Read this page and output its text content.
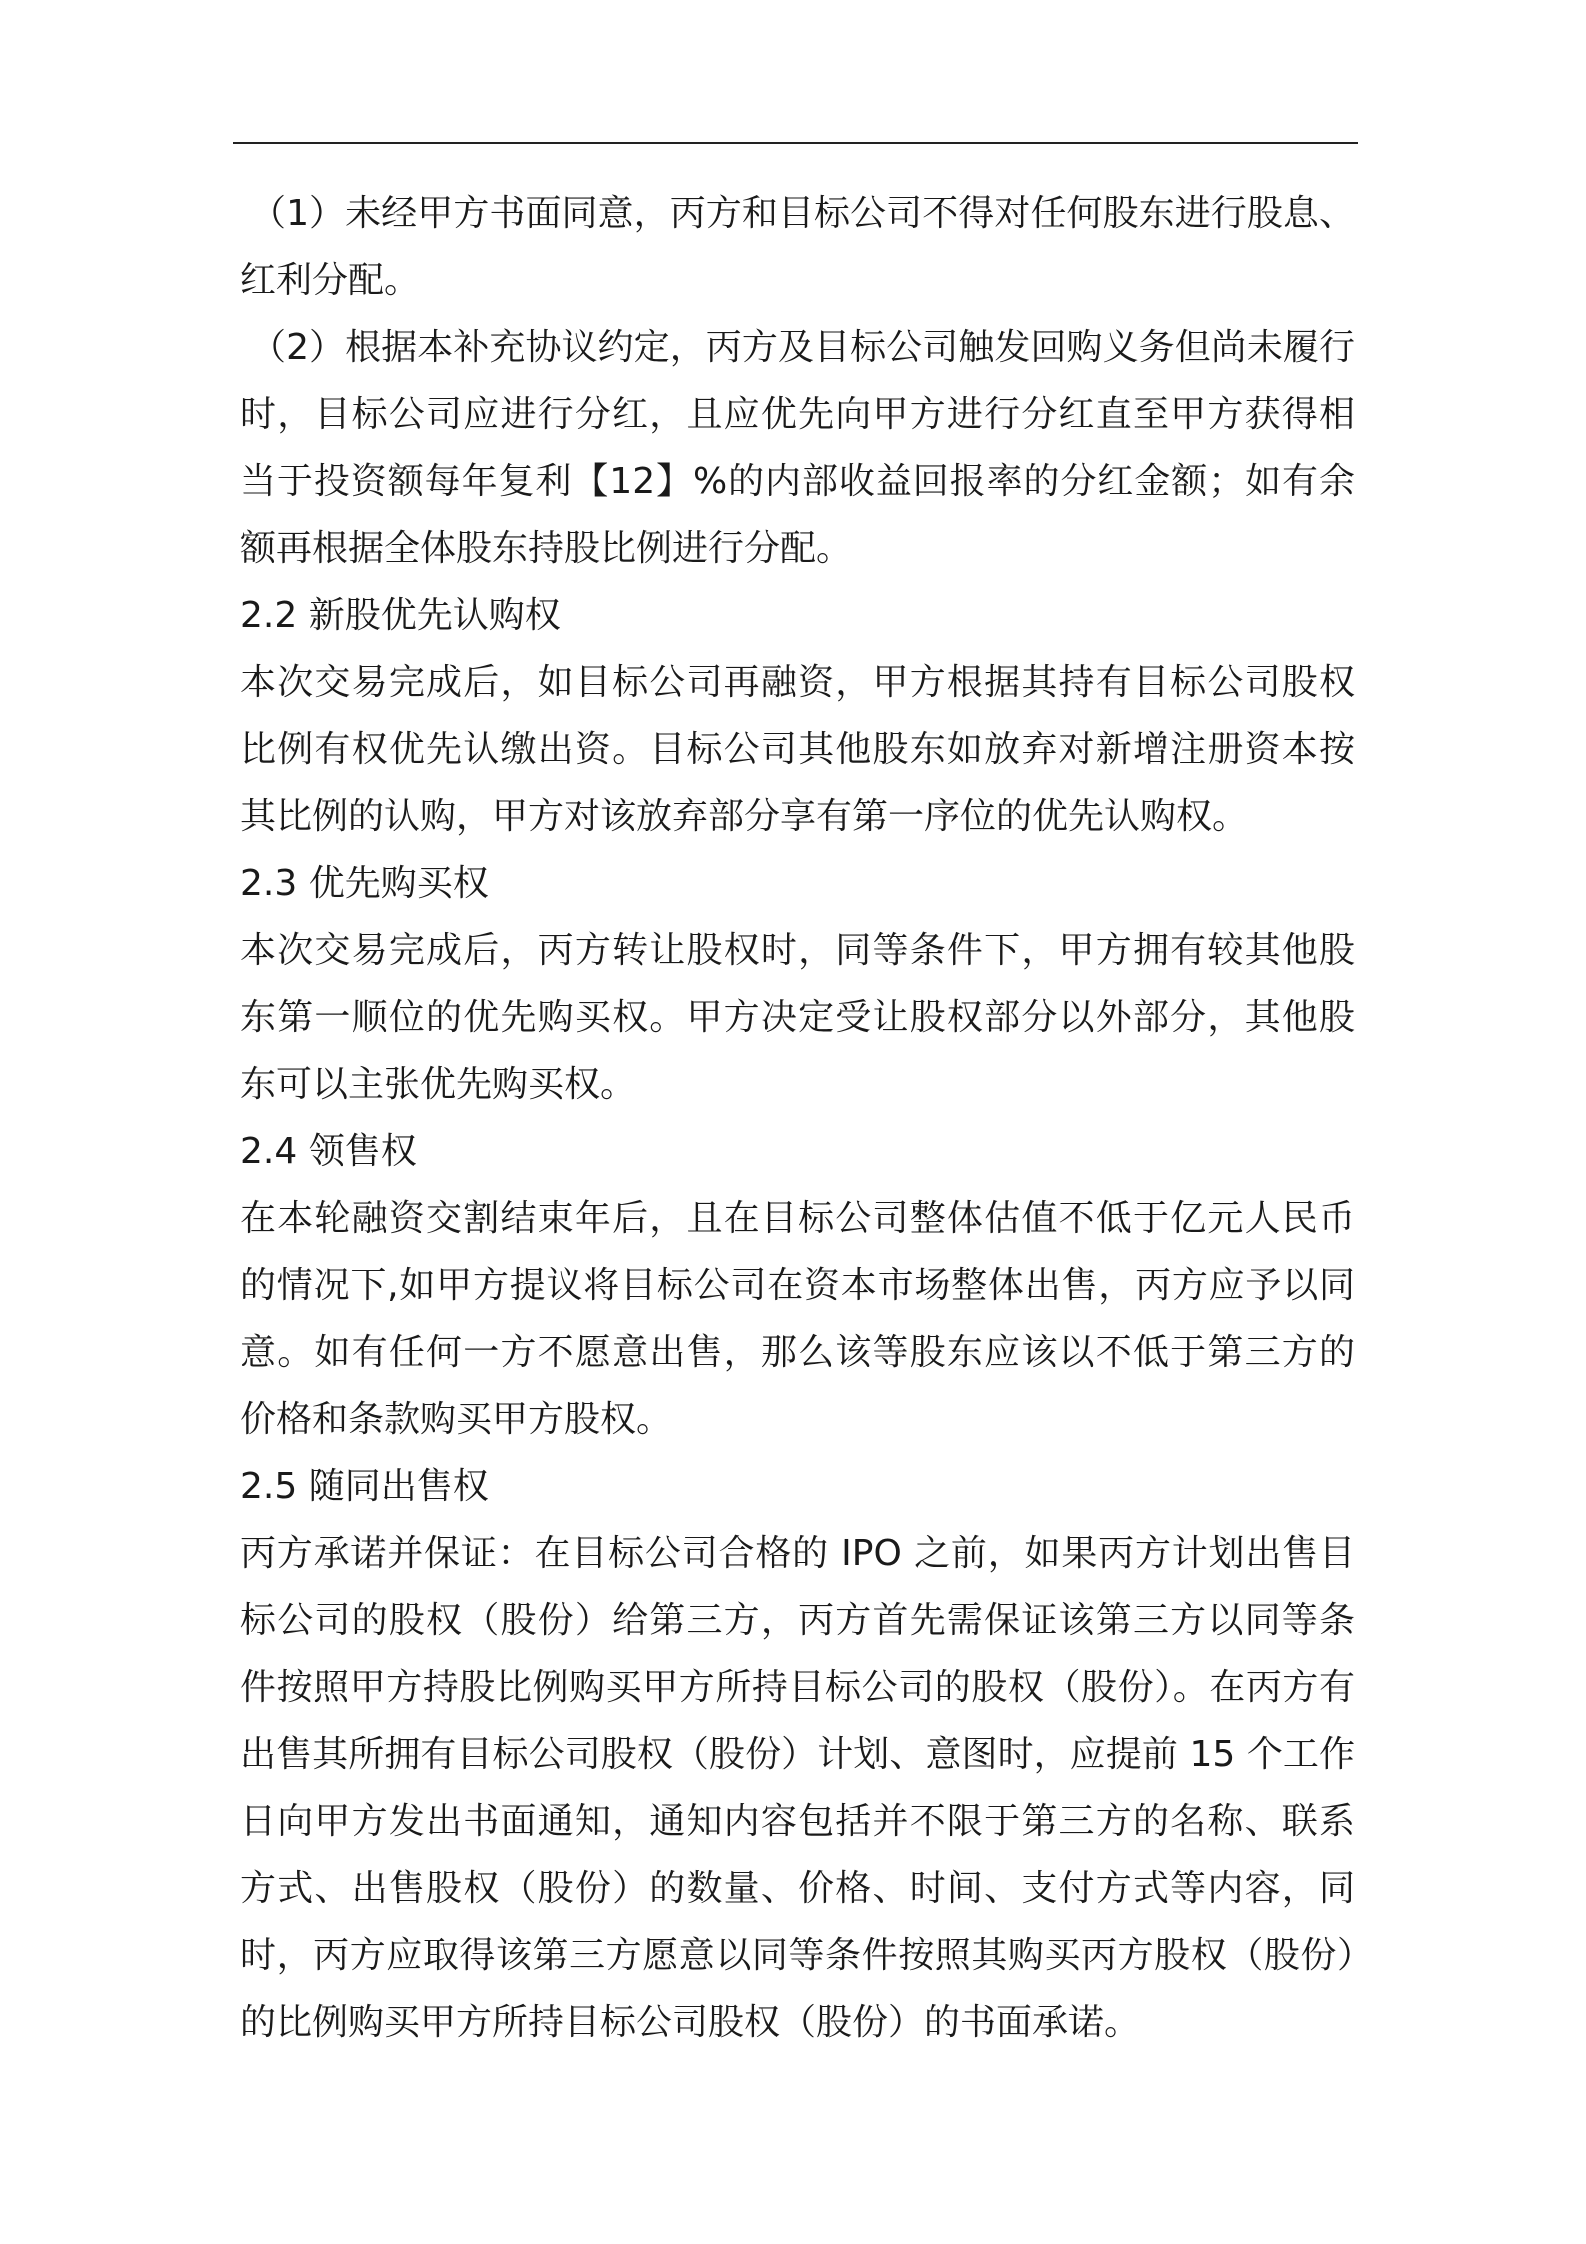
（1）未经甲方书面同意，丙方和目标公司不得对任何股东进行股息、红利分配。

（2）根据本补充协议约定，丙方及目标公司触发回购义务但尚未履行时，目标公司应进行分红，且应优先向甲方进行分红直至甲方获得相当于投资额每年复利【12】%的内部收益回报率的分红金额；如有余额再根据全体股东持股比例进行分配。

2.2 新股优先认购权

本次交易完成后，如目标公司再融资，甲方根据其持有目标公司股权比例有权优先认缴出资。目标公司其他股东如放弃对新增注册资本按其比例的认购，甲方对该放弃部分享有第一序位的优先认购权。

2.3 优先购买权

本次交易完成后，丙方转让股权时，同等条件下，甲方拥有较其他股东第一顺位的优先购买权。甲方决定受让股权部分以外部分，其他股东可以主张优先购买权。

2.4 领售权

在本轮融资交割结束年后，且在目标公司整体估值不低于亿元人民币的情况下,如甲方提议将目标公司在资本市场整体出售，丙方应予以同意。如有任何一方不愿意出售，那么该等股东应该以不低于第三方的价格和条款购买甲方股权。

2.5 随同出售权

丙方承诺并保证：在目标公司合格的 IPO 之前，如果丙方计划出售目标公司的股权（股份）给第三方，丙方首先需保证该第三方以同等条件按照甲方持股比例购买甲方所持目标公司的股权（股份）。在丙方有出售其所拥有目标公司股权（股份）计划、意图时，应提前 15 个工作日向甲方发出书面通知，通知内容包括并不限于第三方的名称、联系方式、出售股权（股份）的数量、价格、时间、支付方式等内容，同时，丙方应取得该第三方愿意以同等条件按照其购买丙方股权（股份）的比例购买甲方所持目标公司股权（股份）的书面承诺。
